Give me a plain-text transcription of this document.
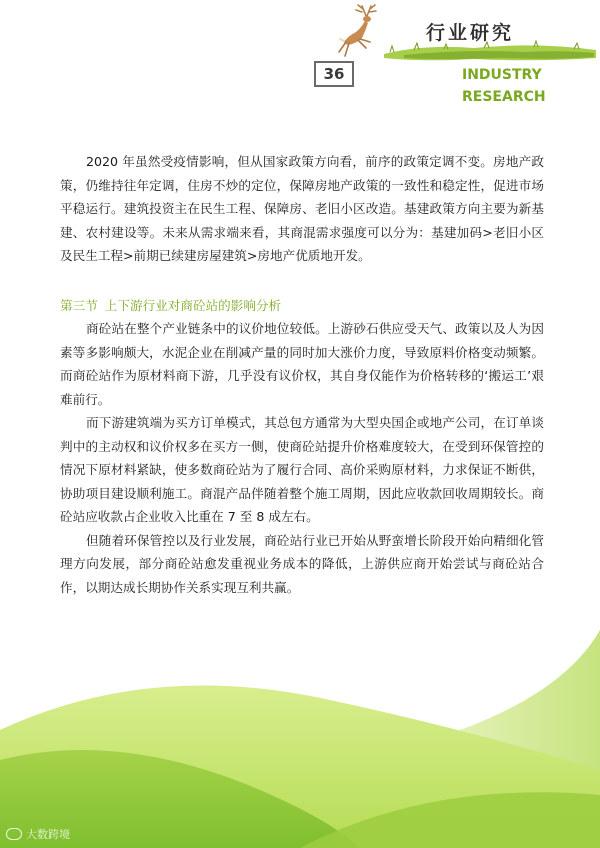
行业研究
36	INDUSTRY
RESEARCH

2020 年虽然受疫情影响，但从国家政策方向看，前序的政策定调不变。房地产政策，仍维持往年定调，住房不炒的定位，保障房地产政策的一致性和稳定性，促进市场平稳运行。建筑投资主在民生工程、保障房、老旧小区改造。基建政策方向主要为新基建、农村建设等。未来从需求端来看，其商混需求强度可以分为：基建加码>老旧小区及民生工程>前期已续建房屋建筑>房地产优质地开发。

第三节 上下游行业对商砼站的影响分析

商砼站在整个产业链条中的议价地位较低。上游砂石供应受天气、政策以及人为因素等多影响颇大，水泥企业在削减产量的同时加大涨价力度，导致原料价格变动频繁。而商砼站作为原材料商下游，几乎没有议价权，其自身仅能作为价格转移的‘搬运工’艰难前行。

而下游建筑端为买方订单模式，其总包方通常为大型央国企或地产公司，在订单谈判中的主动权和议价权多在买方一侧，使商砼站提升价格难度较大，在受到环保管控的情况下原材料紧缺，使多数商砼站为了履行合同、高价采购原材料，力求保证不断供，协助项目建设顺利施工。商混产品伴随着整个施工周期，因此应收款回收周期较长。商砼站应收款占企业收入比重在 7 至 8 成左右。

但随着环保管控以及行业发展，商砼站行业已开始从野蛮增长阶段开始向精细化管理方向发展，部分商砼站愈发重视业务成本的降低，上游供应商开始尝试与商砼站合作，以期达成长期协作关系实现互利共赢。

大数跨境
